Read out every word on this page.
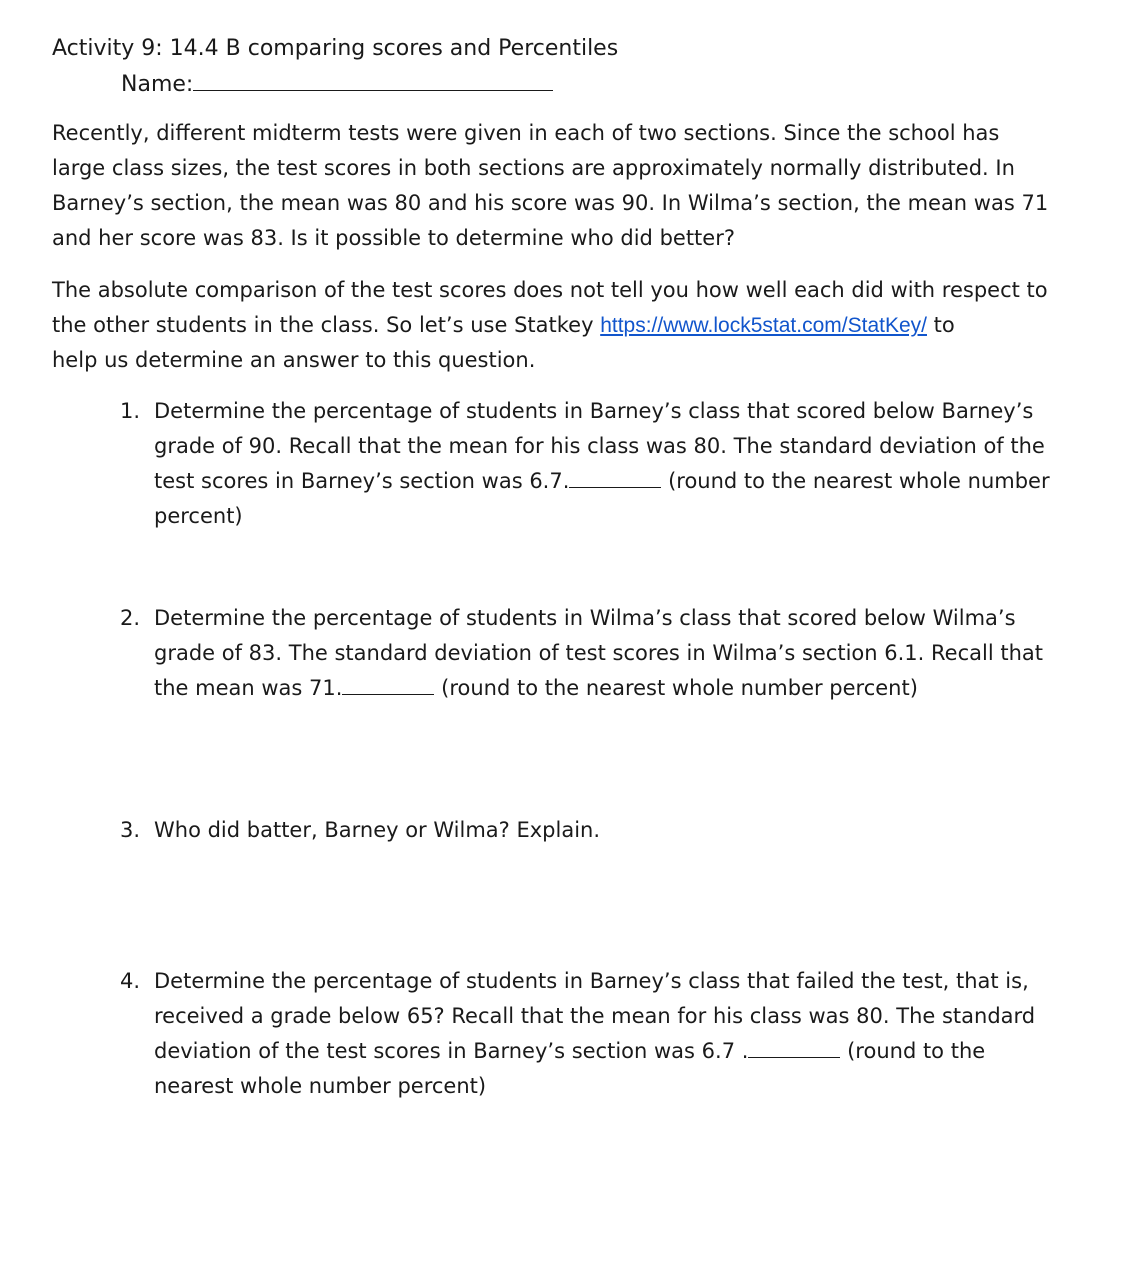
Activity 9: 14.4 B comparing scores and Percentiles
Name:
Recently, different midterm tests were given in each of two sections. Since the school has
large class sizes, the test scores in both sections are approximately normally distributed. In
Barney’s section, the mean was 80 and his score was 90. In Wilma’s section, the mean was 71
and her score was 83. Is it possible to determine who did better?
The absolute comparison of the test scores does not tell you how well each did with respect to
the other students in the class. So let’s use Statkey https://www.lock5stat.com/StatKey/ to
help us determine an answer to this question.
1. Determine the percentage of students in Barney’s class that scored below Barney’s
grade of 90. Recall that the mean for his class was 80. The standard deviation of the
test scores in Barney’s section was 6.7.	(round to the nearest whole number
percent)
2. Determine the percentage of students in Wilma’s class that scored below Wilma’s
grade of 83. The standard deviation of test scores in Wilma’s section 6.1. Recall that
the mean was 71.	(round to the nearest whole number percent)
3. Who did batter, Barney or Wilma? Explain.
4. Determine the percentage of students in Barney’s class that failed the test, that is,
received a grade below 65? Recall that the mean for his class was 80. The standard
deviation of the test scores in Barney’s section was 6.7 .	(round to the
nearest whole number percent)
